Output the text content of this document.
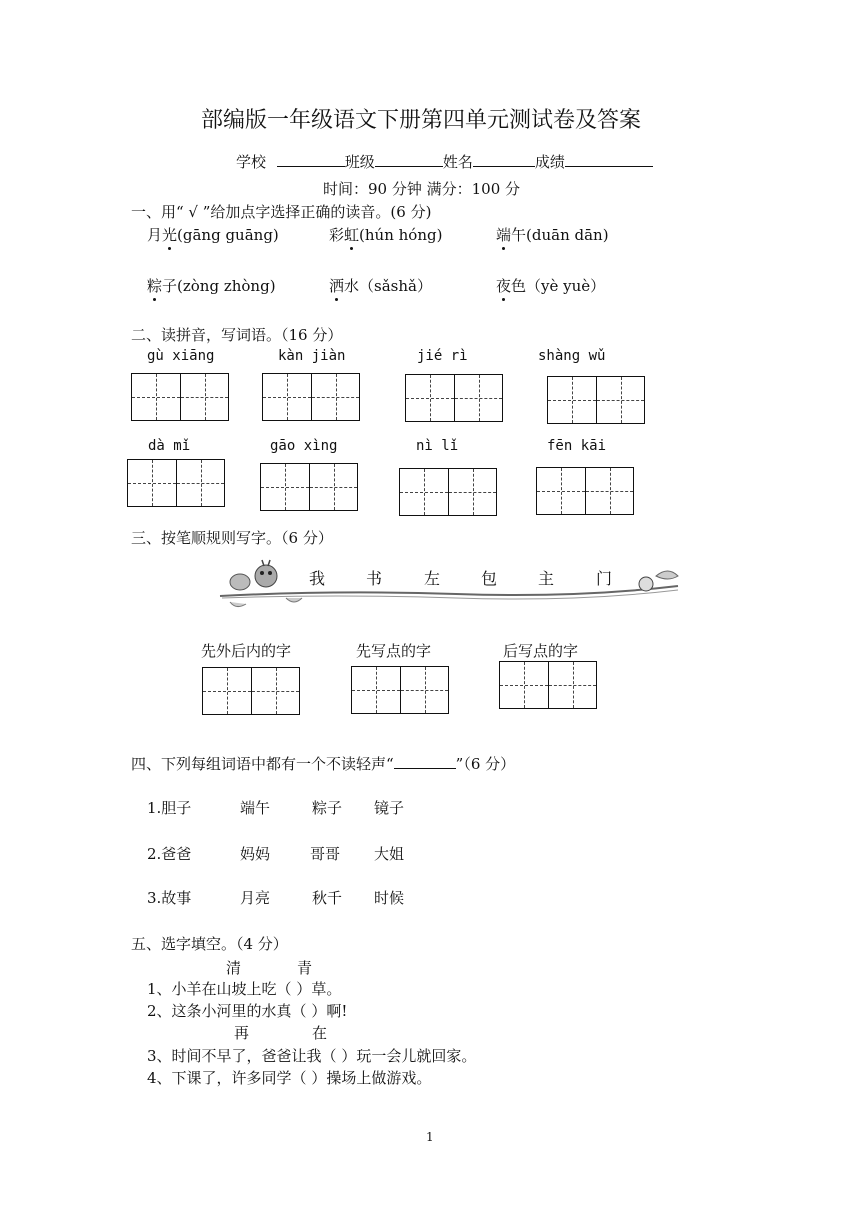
部编版一年级语文下册第四单元测试卷及答案
学校	班级	姓名	成绩
时间：90 分钟 满分：100 分
一、用“ √ ”给加点字选择正确的读音。(6 分)
月光(gāng guāng)	彩虹(hún hóng)	端午(duān dān)
粽子(zòng zhòng)	洒水（sǎshǎ）	夜色（yè yuè）
二、读拼音，写词语。（16 分）
gù xiāng	kàn jiàn	jié rì	shàng wǔ
dà mǐ	gāo xìng	nì lǐ	fēn kāi
三、按笔顺规则写字。（6 分）
我	书	左	包	主	门
先外后内的字	先写点的字	后写点的字
四、下列每组词语中都有一个不读轻声“	”（6 分）
1.胆子	端午	粽子 镜子
2.爸爸	妈妈	哥哥 大姐
3.故事	月亮	秋千 时候
五、选字填空。（4 分）
清	青
1、小羊在山坡上吃（ ）草。
2、这条小河里的水真（ ）啊!
再	在
3、时间不早了，爸爸让我（ ）玩一会儿就回家。
4、下课了，许多同学（ ）操场上做游戏。
1
